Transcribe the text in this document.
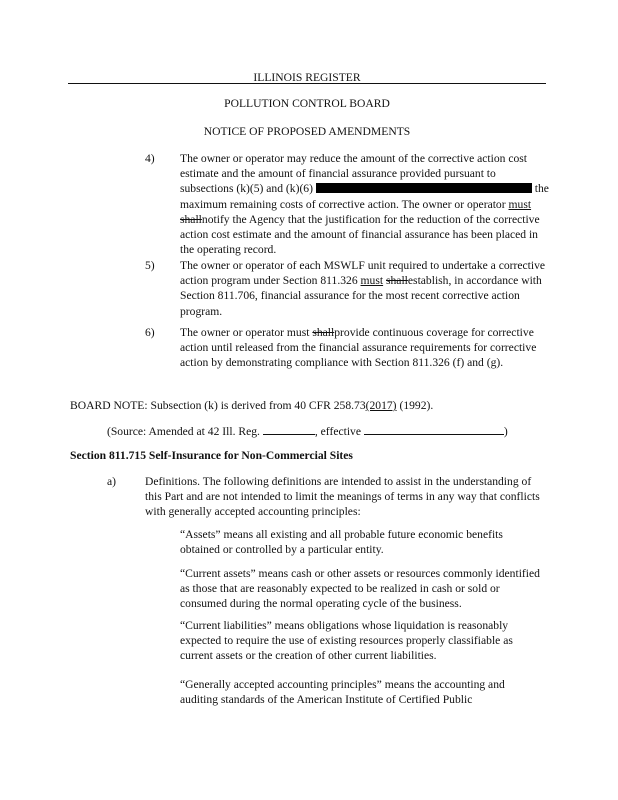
ILLINOIS REGISTER
POLLUTION CONTROL BOARD
NOTICE OF PROPOSED AMENDMENTS
4) The owner or operator may reduce the amount of the corrective action cost estimate and the amount of financial assurance provided pursuant to subsections (k)(5) and (k)(6)	the maximum remaining costs of corrective action. The owner or operator must shallnotify the Agency that the justification for the reduction of the corrective action cost estimate and the amount of financial assurance has been placed in the operating record.
5) The owner or operator of each MSWLF unit required to undertake a corrective action program under Section 811.326 must shallestablish, in accordance with Section 811.706, financial assurance for the most recent corrective action program.
6) The owner or operator must shallprovide continuous coverage for corrective action until released from the financial assurance requirements for corrective action by demonstrating compliance with Section 811.326 (f) and (g).
BOARD NOTE: Subsection (k) is derived from 40 CFR 258.73(2017) (1992).
(Source: Amended at 42 Ill. Reg.	, effective	)
Section 811.715 Self-Insurance for Non-Commercial Sites
a) Definitions. The following definitions are intended to assist in the understanding of this Part and are not intended to limit the meanings of terms in any way that conflicts with generally accepted accounting principles:
“Assets” means all existing and all probable future economic benefits obtained or controlled by a particular entity.
“Current assets” means cash or other assets or resources commonly identified as those that are reasonably expected to be realized in cash or sold or consumed during the normal operating cycle of the business.
“Current liabilities” means obligations whose liquidation is reasonably expected to require the use of existing resources properly classifiable as current assets or the creation of other current liabilities.
“Generally accepted accounting principles” means the accounting and auditing standards of the American Institute of Certified Public
